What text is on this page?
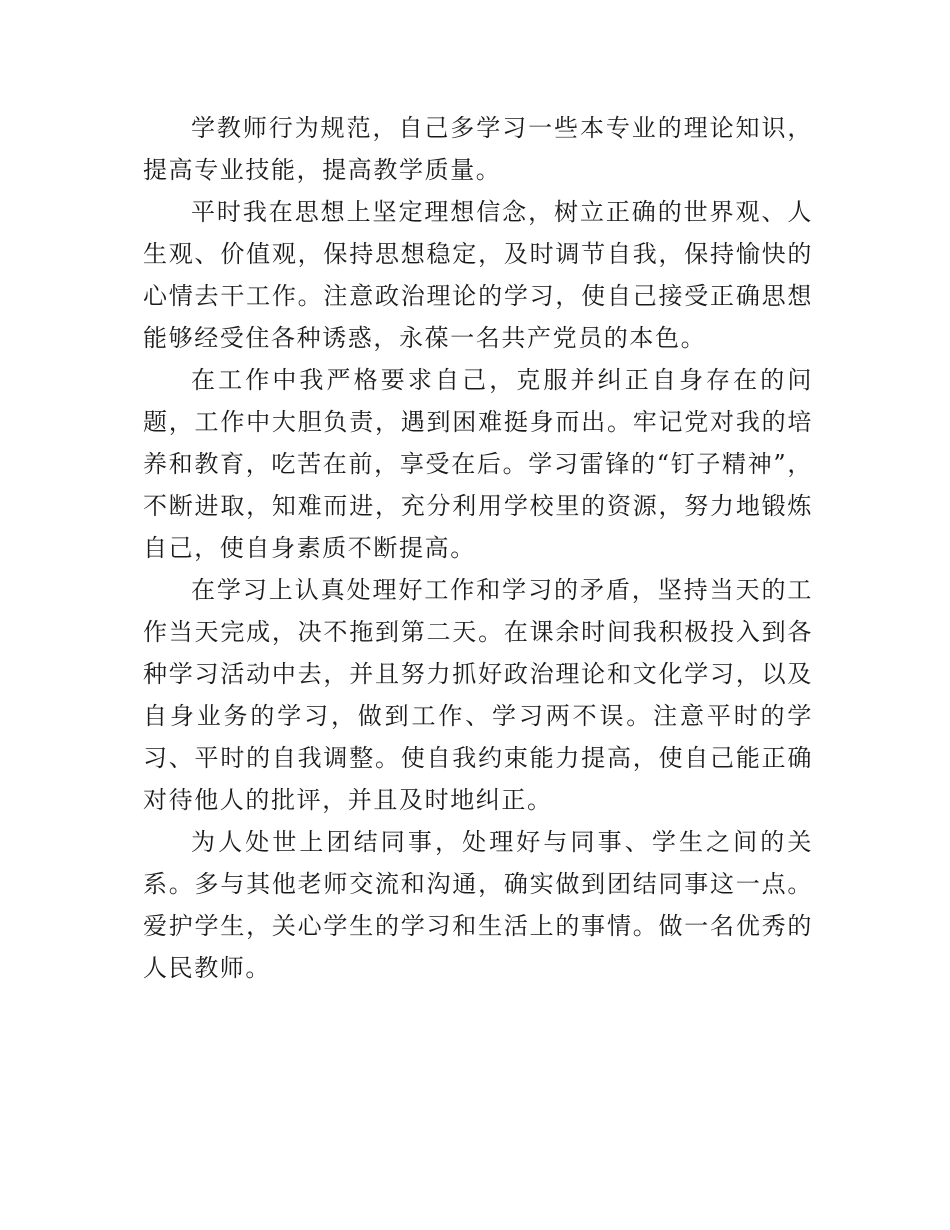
学教师行为规范，自己多学习一些本专业的理论知识，提高专业技能，提高教学质量。

平时我在思想上坚定理想信念，树立正确的世界观、人生观、价值观，保持思想稳定，及时调节自我，保持愉快的心情去干工作。注意政治理论的学习，使自己接受正确思想能够经受住各种诱惑，永葆一名共产党员的本色。

在工作中我严格要求自己，克服并纠正自身存在的问题，工作中大胆负责，遇到困难挺身而出。牢记党对我的培养和教育，吃苦在前，享受在后。学习雷锋的“钉子精神”，不断进取，知难而进，充分利用学校里的资源，努力地锻炼自己，使自身素质不断提高。

在学习上认真处理好工作和学习的矛盾，坚持当天的工作当天完成，决不拖到第二天。在课余时间我积极投入到各种学习活动中去，并且努力抓好政治理论和文化学习，以及自身业务的学习，做到工作、学习两不误。注意平时的学习、平时的自我调整。使自我约束能力提高，使自己能正确对待他人的批评，并且及时地纠正。

为人处世上团结同事，处理好与同事、学生之间的关系。多与其他老师交流和沟通，确实做到团结同事这一点。爱护学生，关心学生的学习和生活上的事情。做一名优秀的人民教师。
